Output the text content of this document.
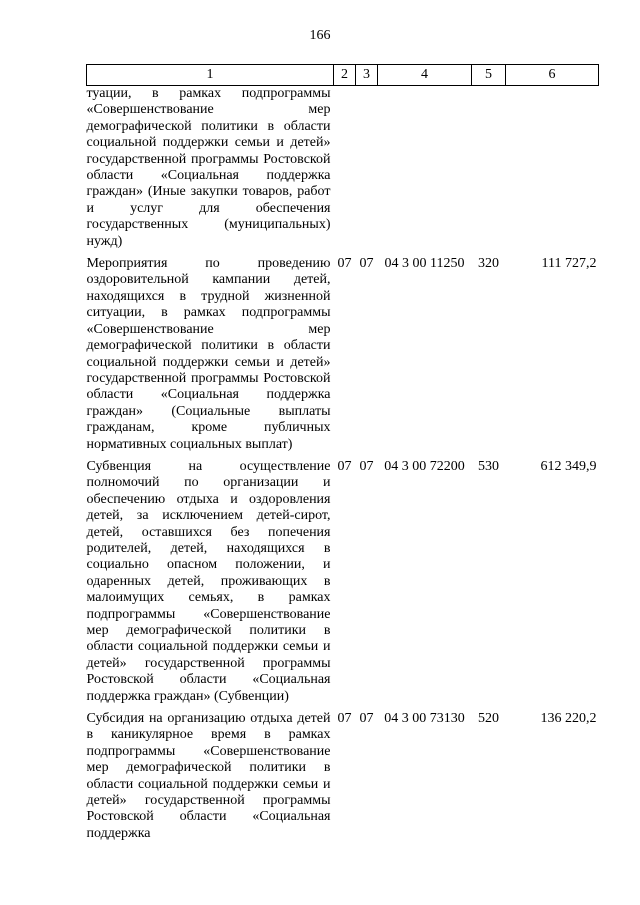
166
1	2	3	4	5	6
туации, в рамках подпрограммы «Совершенствование мер демографической политики в области социальной поддержки семьи и детей» государственной программы Ростовской области «Социальная поддержка граждан» (Иные закупки товаров, работ и услуг для обеспечения государственных (муниципальных) нужд)					
Мероприятия по проведению оздоровительной кампании детей, находящихся в трудной жизненной ситуации, в рамках подпрограммы «Совершенствование мер демографической политики в области социальной поддержки семьи и детей» государственной программы Ростовской области «Социальная поддержка граждан» (Социальные выплаты гражданам, кроме публичных нормативных социальных выплат)	07	07	04 3 00 11250	320	111 727,2
Субвенция на осуществление полномочий по организации и обеспечению отдыха и оздоровления детей, за исключением детей-сирот, детей, оставшихся без попечения родителей, детей, находящихся в социально опасном положении, и одаренных детей, проживающих в малоимущих семьях, в рамках подпрограммы «Совершенствование мер демографической политики в области социальной поддержки семьи и детей» государственной программы Ростовской области «Социальная поддержка граждан» (Субвенции)	07	07	04 3 00 72200	530	612 349,9
Субсидия на организацию отдыха детей в каникулярное время в рамках подпрограммы «Совершенствование мер демографической политики в области социальной поддержки семьи и детей» государственной программы Ростовской области «Социальная поддержка	07	07	04 3 00 73130	520	136 220,2
